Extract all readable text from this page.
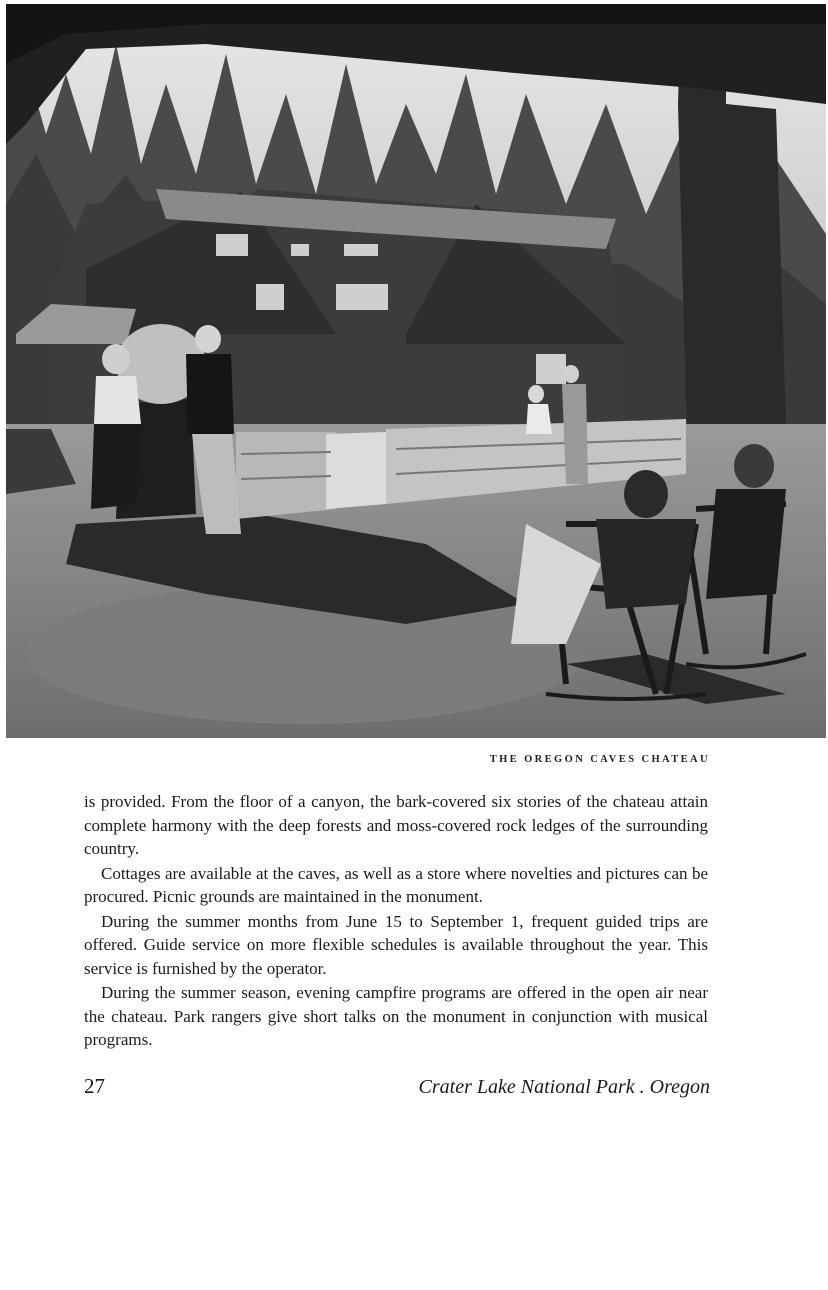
THE OREGON CAVES CHATEAU

is provided. From the floor of a canyon, the bark-covered six stories of the chateau attain complete harmony with the deep forests and moss-covered rock ledges of the surrounding country.

Cottages are available at the caves, as well as a store where novelties and pictures can be procured. Picnic grounds are maintained in the monument.

During the summer months from June 15 to September 1, frequent guided trips are offered. Guide service on more flexible schedules is available throughout the year. This service is furnished by the operator.

During the summer season, evening campfire programs are offered in the open air near the chateau. Park rangers give short talks on the monument in conjunction with musical programs.

27	Crater Lake National Park . Oregon
